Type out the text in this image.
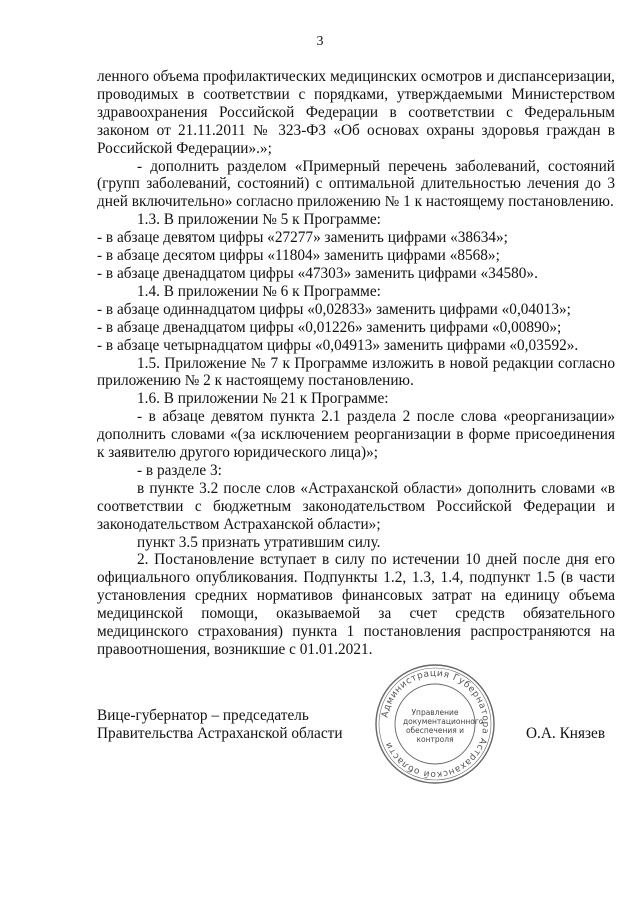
3

ленного объема профилактических медицинских осмотров и диспансеризации, проводимых в соответствии с порядками, утверждаемыми Министерством здравоохранения Российской Федерации в соответствии с Федеральным законом от 21.11.2011 № 323-ФЗ «Об основах охраны здоровья граждан в Российской Федерации».»;

- дополнить разделом «Примерный перечень заболеваний, состояний (групп заболеваний, состояний) с оптимальной длительностью лечения до 3 дней включительно» согласно приложению № 1 к настоящему постановлению.

1.3. В приложении № 5 к Программе:

- в абзаце девятом цифры «27277» заменить цифрами «38634»;

- в абзаце десятом цифры «11804» заменить цифрами «8568»;

- в абзаце двенадцатом цифры «47303» заменить цифрами «34580».

1.4. В приложении № 6 к Программе:

- в абзаце одиннадцатом цифры «0,02833» заменить цифрами «0,04013»;

- в абзаце двенадцатом цифры «0,01226» заменить цифрами «0,00890»;

- в абзаце четырнадцатом цифры «0,04913» заменить цифрами «0,03592».

1.5. Приложение № 7 к Программе изложить в новой редакции согласно приложению № 2 к настоящему постановлению.

1.6. В приложении № 21 к Программе:

- в абзаце девятом пункта 2.1 раздела 2 после слова «реорганизации» дополнить словами «(за исключением реорганизации в форме присоединения к заявителю другого юридического лица)»;

- в разделе 3:

в пункте 3.2 после слов «Астраханской области» дополнить словами «в соответствии с бюджетным законодательством Российской Федерации и законодательством Астраханской области»;

пункт 3.5 признать утратившим силу.

2. Постановление вступает в силу по истечении 10 дней после дня его официального опубликования. Подпункты 1.2, 1.3, 1.4, подпункт 1.5 (в части установления средних нормативов финансовых затрат на единицу объема медицинской помощи, оказываемой за счет средств обязательного медицинского страхования) пункта 1 постановления распространяются на правоотношения, возникшие с 01.01.2021.

Вице-губернатор – председатель
Правительства Астраханской области	О.А. Князев
Администрация Губернатора Астраханской области
Управление документационного обеспечения и контроля
